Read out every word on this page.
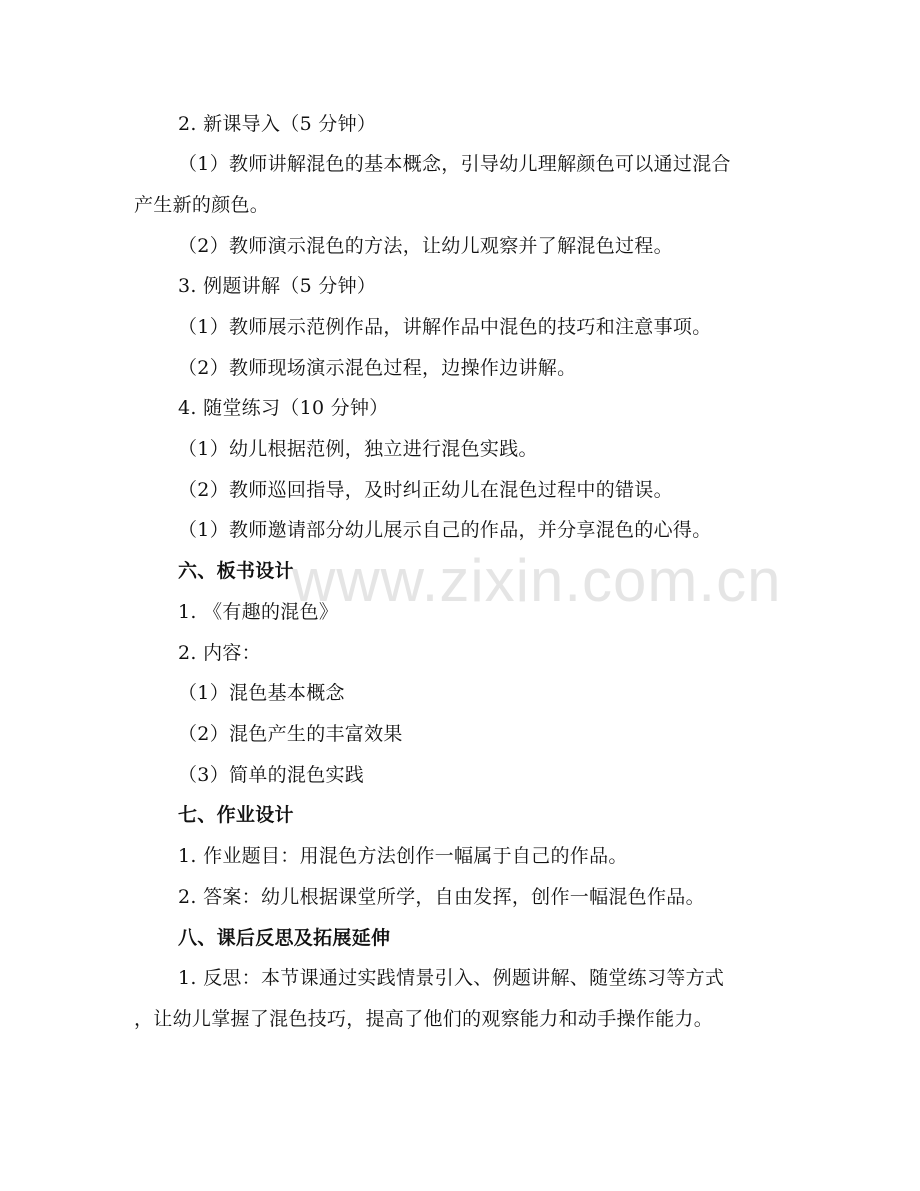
2. 新课导入（5 分钟）
（1）教师讲解混色的基本概念，引导幼儿理解颜色可以通过混合
产生新的颜色。
（2）教师演示混色的方法，让幼儿观察并了解混色过程。
3. 例题讲解（5 分钟）
（1）教师展示范例作品，讲解作品中混色的技巧和注意事项。
（2）教师现场演示混色过程，边操作边讲解。
4. 随堂练习（10 分钟）
（1）幼儿根据范例，独立进行混色实践。
（2）教师巡回指导，及时纠正幼儿在混色过程中的错误。
（1）教师邀请部分幼儿展示自己的作品，并分享混色的心得。
六、板书设计
1. 《有趣的混色》
2. 内容：
（1）混色基本概念
（2）混色产生的丰富效果
（3）简单的混色实践
七、作业设计
1. 作业题目：用混色方法创作一幅属于自己的作品。
2. 答案：幼儿根据课堂所学，自由发挥，创作一幅混色作品。
八、课后反思及拓展延伸
1. 反思：本节课通过实践情景引入、例题讲解、随堂练习等方式
，让幼儿掌握了混色技巧，提高了他们的观察能力和动手操作能力。
www.zixin.com.cn
